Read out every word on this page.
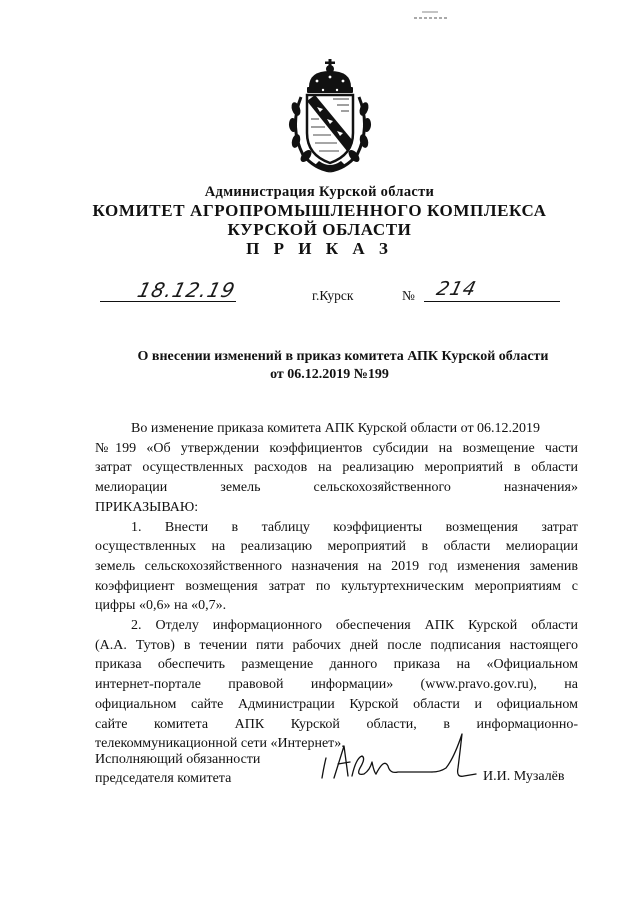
Администрация Курской области
КОМИТЕТ АГРОПРОМЫШЛЕННОГО КОМПЛЕКСА
КУРСКОЙ ОБЛАСТИ
П Р И К А З
18.12.19	г.Курск	№ 214
О внесении изменений в приказ комитета АПК Курской области
от 06.12.2019 №199
Во изменение приказа комитета АПК Курской области от 06.12.2019
№199 «Об утверждении коэффициентов субсидии на возмещение части
затрат осуществленных расходов на реализацию мероприятий в области
мелиорации земель сельскохозяйственного назначения»
ПРИКАЗЫВАЮ:
1. Внести в таблицу коэффициенты возмещения затрат
осуществленных на реализацию мероприятий в области мелиорации
земель сельскохозяйственного назначения на 2019 год изменения заменив
коэффициент возмещения затрат по культуртехническим мероприятиям с
цифры «0,6» на «0,7».
2. Отделу информационного обеспечения АПК Курской области
(А.А. Тутов) в течении пяти рабочих дней после подписания настоящего
приказа обеспечить размещение данного приказа на «Официальном
интернет-портале правовой информации» (www.pravo.gov.ru), на
официальном сайте Администрации Курской области и официальном
сайте комитета АПК Курской области, в информационно-
телекоммуникационной сети «Интернет».
Исполняющий обязанности
председателя комитета	И.И. Музалёв
